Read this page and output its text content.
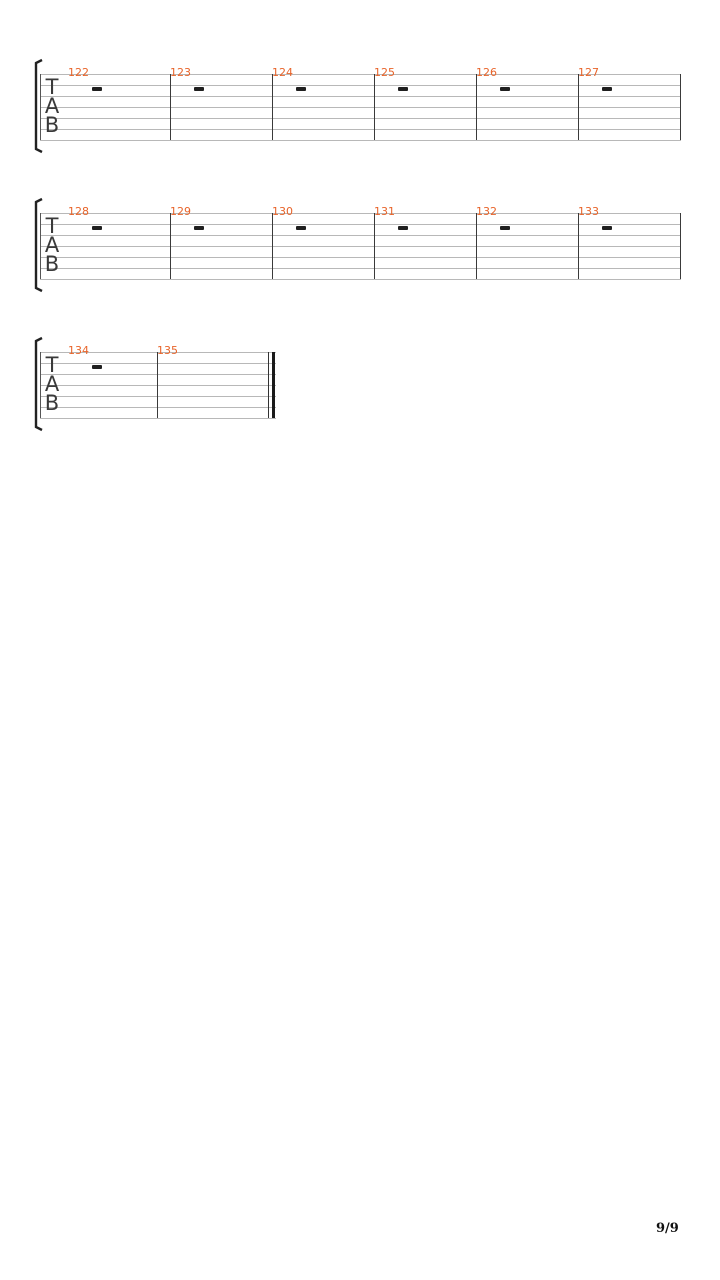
T
A
B
122	123	124	125	126	127
T
A
B
128	129	130	131	132	133
T
A
B
134	135
9/9
